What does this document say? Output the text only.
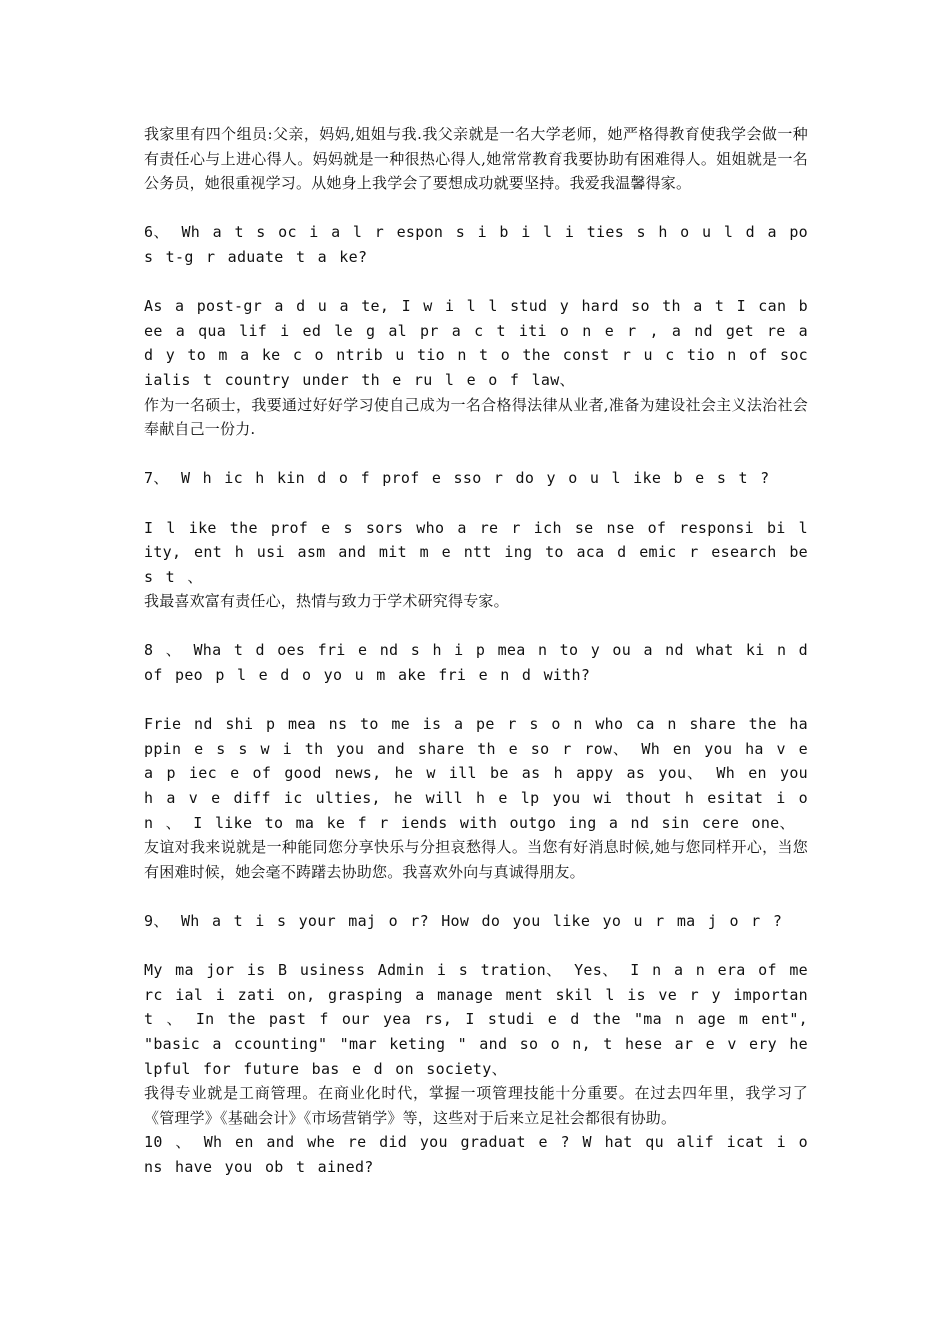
我家里有四个组员:父亲，妈妈,姐姐与我.我父亲就是一名大学老师，她严格得教育使我学会做一种有责任心与上进心得人。妈妈就是一种很热心得人,她常常教育我要协助有困难得人。姐姐就是一名公务员，她很重视学习。从她身上我学会了要想成功就要坚持。我爱我温馨得家。

6、 Wh a t s oc i a l r espon s i b i l i ties s h o u l d a po s t-g r aduate t a ke?

As a post-gr a d u a te, I w i l l stud y hard so th a t I can bee a qua lif i ed le g al pr a c t iti o n e r , a nd get re a d y to m a ke c o ntrib u tio n t o the const r u c tio n of socialis t country under th e ru l e o f law、

作为一名硕士，我要通过好好学习使自己成为一名合格得法律从业者,准备为建设社会主义法治社会奉献自己一份力.

7、 W h ic h kin d o f prof e sso r do y o u l ike b e s t ?

I l ike the prof e s sors who a re r ich se nse of responsi bi l ity, ent h usi asm and mit m e ntt ing to aca d emic r esearch bes t 、

我最喜欢富有责任心，热情与致力于学术研究得专家。

8 、 Wha t d oes fri e nd s h i p mea n to y ou a nd what ki n d of peo p l e d o yo u m ake fri e n d with?

Frie nd shi p mea ns to me is a pe r s o n who ca n share the happin e s s w i th you and share th e so r row、 Wh en you ha v e a p iec e of good news, he w ill be as h appy as you、 Wh en you h a v e diff ic ulties, he will h e lp you wi thout h esitat i o n 、 I like to ma ke f r iends with outgo ing a nd sin cere one、

友谊对我来说就是一种能同您分享快乐与分担哀愁得人。当您有好消息时候,她与您同样开心，当您有困难时候，她会毫不踌躇去协助您。我喜欢外向与真诚得朋友。

9、 Wh a t i s your maj o r? How do you like yo u r ma j o r ?

My ma jor is B usiness Admin i s tration、 Yes、 I n a n era of merc ial i zati on, grasping a manage ment skil l is ve r y importan t 、 In the past f our yea rs, I studi e d the "ma n age m ent", "basic a ccounting" "mar keting " and so o n, t hese ar e v ery he lpful for future bas e d on society、

我得专业就是工商管理。在商业化时代，掌握一项管理技能十分重要。在过去四年里，我学习了《管理学》《基础会计》《市场营销学》等，这些对于后来立足社会都很有协助。

10 、 Wh en and whe re did you graduat e ? W hat qu alif icat i ons have you ob t ained?
